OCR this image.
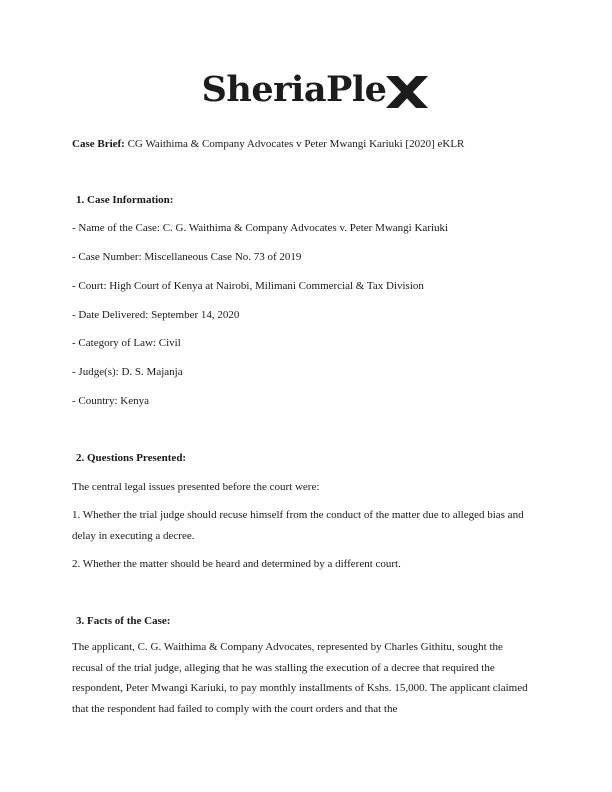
SheriaPle
Case Brief: CG Waithima & Company Advocates v Peter Mwangi Kariuki [2020] eKLR
1. Case Information:
- Name of the Case: C. G. Waithima & Company Advocates v. Peter Mwangi Kariuki
- Case Number: Miscellaneous Case No. 73 of 2019
- Court: High Court of Kenya at Nairobi, Milimani Commercial & Tax Division
- Date Delivered: September 14, 2020
- Category of Law: Civil
- Judge(s): D. S. Majanja
- Country: Kenya
2. Questions Presented:
The central legal issues presented before the court were:
1. Whether the trial judge should recuse himself from the conduct of the matter due to alleged bias and delay in executing a decree.
2. Whether the matter should be heard and determined by a different court.
3. Facts of the Case:
The applicant, C. G. Waithima & Company Advocates, represented by Charles Githitu, sought the recusal of the trial judge, alleging that he was stalling the execution of a decree that required the respondent, Peter Mwangi Kariuki, to pay monthly installments of Kshs. 15,000. The applicant claimed that the respondent had failed to comply with the court orders and that the
